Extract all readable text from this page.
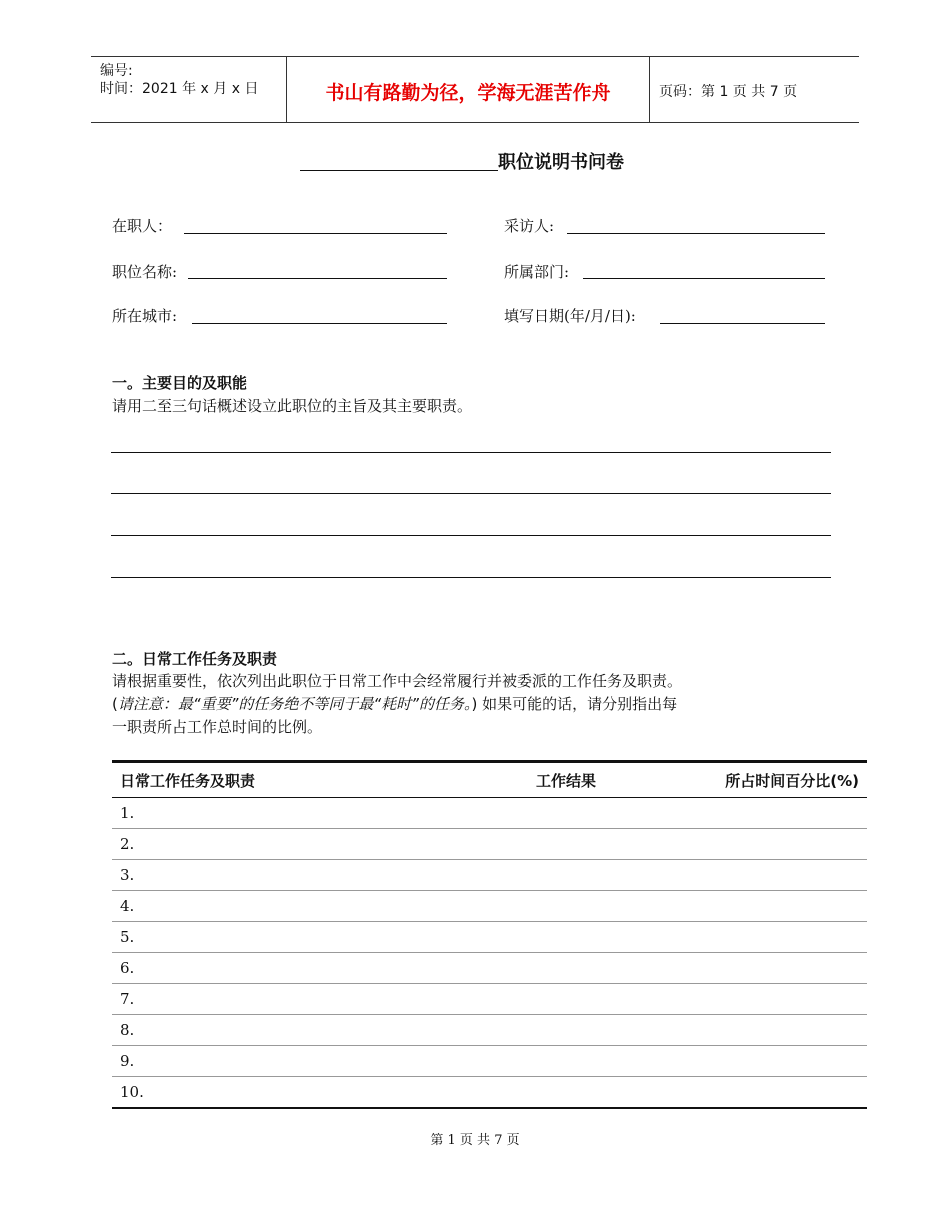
编号:
时间：2021 年 x 月 x 日	书山有路勤为径，学海无涯苦作舟	页码：第 1 页 共 7 页
职位说明书问卷
在职人：	采访人:
职位名称:	所属部门:
所在城市:	填写日期(年/月/日):
一。主要目的及职能
请用二至三句话概述设立此职位的主旨及其主要职责。
二。日常工作任务及职责
请根据重要性，依次列出此职位于日常工作中会经常履行并被委派的工作任务及职责。
(请注意：最“重要”的任务绝不等同于最“耗时”的任务。) 如果可能的话，请分别指出每
一职责所占工作总时间的比例。
日常工作任务及职责	工作结果	所占时间百分比(%)
1.		
2.		
3.		
4.		
5.		
6.		
7.		
8.		
9.		
10.		
第 1 页 共 7 页
